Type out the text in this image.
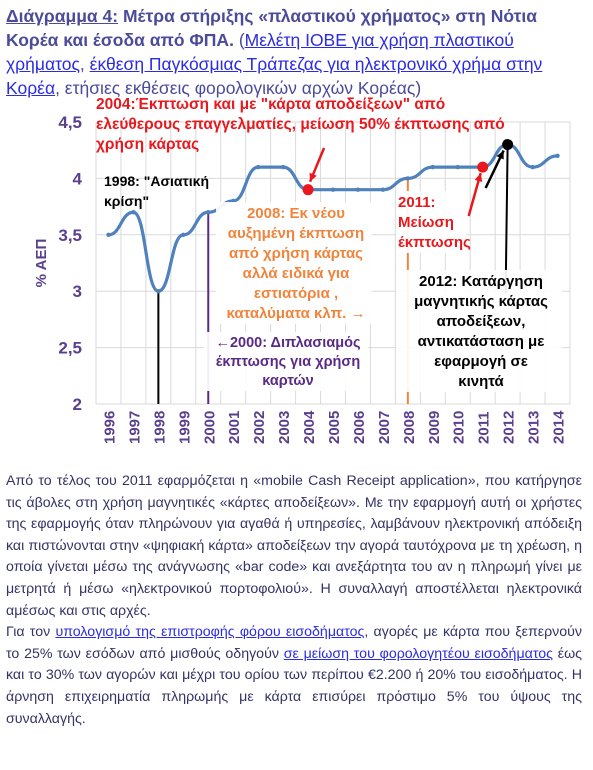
Διάγραμμα 4: Μέτρα στήριξης «πλαστικού χρήματος» στη Νότια Κορέα και έσοδα από ΦΠΑ. (Μελέτη ΙΟΒΕ για χρήση πλαστικού χρήματος, έκθεση Παγκόσμιας Τράπεζας για ηλεκτρονικό χρήμα στην Κορέα, ετήσιες εκθέσεις φορολογικών αρχών Κορέας)
2
2,5
3
3,5
4
4,5
1996 1997 1998 1999 2000 2001 2002 2003 2004 2005 2006 2007 2008 2009 2010 2011 2012 2013 2014
% ΑΕΠ
1998: "Ασιατική
κρίση"
←2000: Διπλασιαμός
έκπτωσης για χρήση
καρτών
2004:Έκπτωση και με "κάρτα αποδείξεων" από
ελεύθερους επαγγελματίες, μείωση 50% έκπτωσης από
χρήση κάρτας
2008: Εκ νέου
αυξημένη έκπτωση
από χρήση κάρτας
αλλά ειδικά για
εστιατόρια ,
καταλύματα κλπ. →
2011:
Μείωση
έκπτωσης
2012: Κατάργηση
μαγνητικής κάρτας
αποδείξεων,
αντικατάσταση με
εφαρμογή σε
κινητά

Από το τέλος του 2011 εφαρμόζεται η «mobile Cash Receipt application», που κατήργησε τις άβολες στη χρήση μαγνητικές «κάρτες αποδείξεων». Με την εφαρμογή αυτή οι χρήστες της εφαρμογής όταν πληρώνουν για αγαθά ή υπηρεσίες, λαμβάνουν ηλεκτρονική απόδειξη και πιστώνονται στην «ψηφιακή κάρτα» αποδείξεων την αγορά ταυτόχρονα με τη χρέωση, η οποία γίνεται μέσω της ανάγνωσης «bar code» και ανεξάρτητα του αν η πληρωμή γίνει με μετρητά ή μέσω «ηλεκτρονικού πορτοφολιού». Η συναλλαγή αποστέλλεται ηλεκτρονικά αμέσως και στις αρχές.

Για τον υπολογισμό της επιστροφής φόρου εισοδήματος, αγορές με κάρτα που ξεπερνούν το 25% των εσόδων από μισθούς οδηγούν σε μείωση του φορολογητέου εισοδήματος έως και το 30% των αγορών και μέχρι του ορίου των περίπου €2.200 ή 20% του εισοδήματος. Η άρνηση επιχειρηματία πληρωμής με κάρτα επισύρει πρόστιμο 5% του ύψους της συναλλαγής.
